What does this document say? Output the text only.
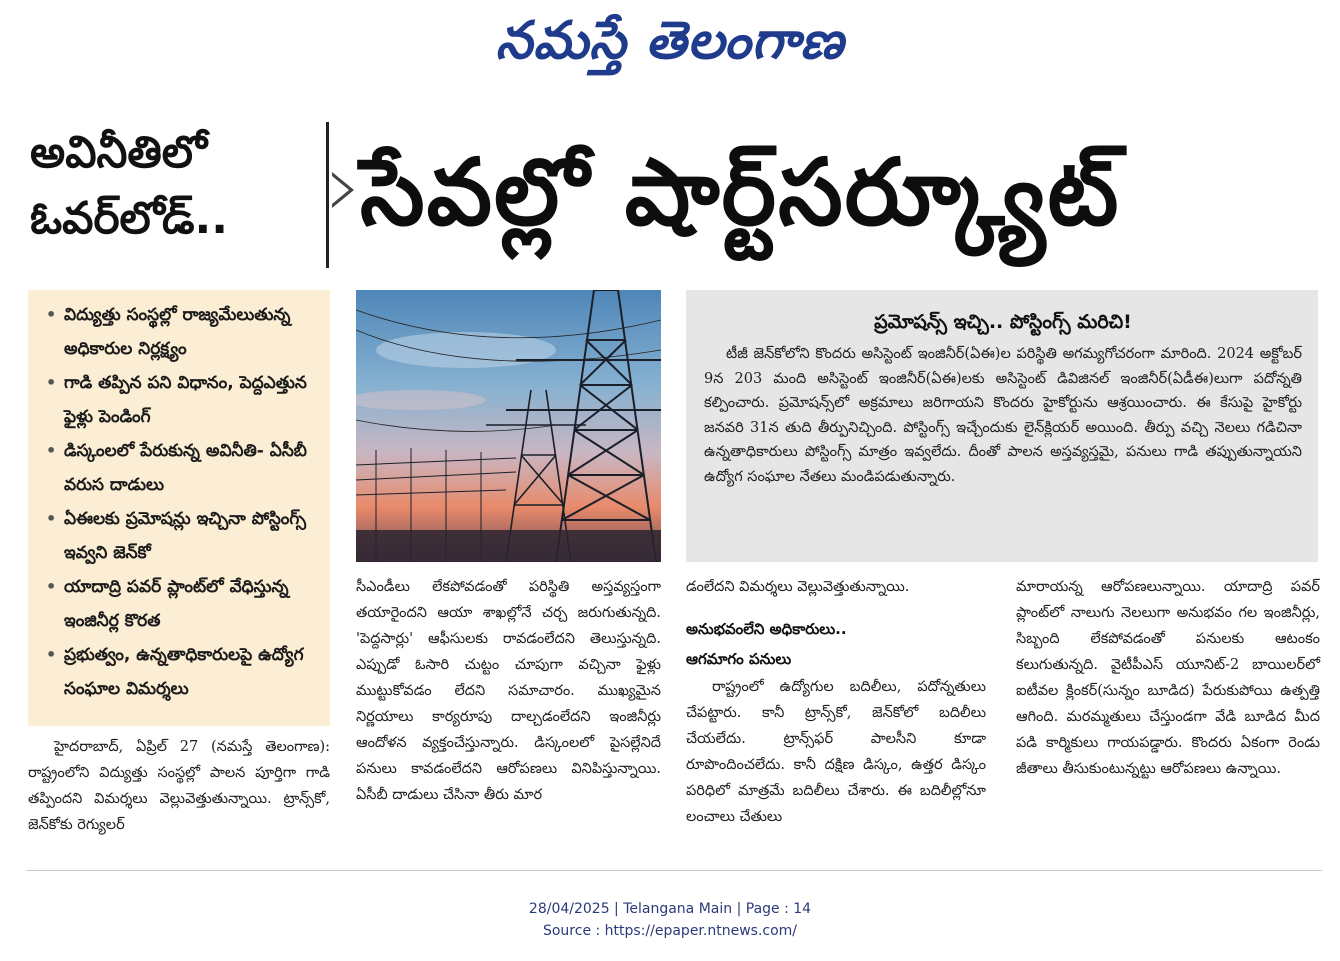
నమస్తే తెలంగాణ
అవినీతిలో
ఓవర్‌లోడ్‌..	సేవల్లో షార్ట్‌సర్క్యూట్‌
• విద్యుత్తు సంస్థల్లో రాజ్యమేలుతున్న అధికారుల నిర్లక్ష్యం
• గాడి తప్పిన పని విధానం, పెద్దఎత్తున ఫైళ్లు పెండింగ్‌
• డిస్కంలలో పేరుకున్న అవినీతి- ఏసీబీ వరుస దాడులు
• ఏఈలకు ప్రమోషన్లు ఇచ్చినా పోస్టింగ్స్‌ ఇవ్వని జెన్‌కో
• యాదాద్రి పవర్‌ ప్లాంట్‌లో వేధిస్తున్న ఇంజినీర్ల కొరత
• ప్రభుత్వం, ఉన్నతాధికారులపై ఉద్యోగ సంఘాల విమర్శలు
ప్రమోషన్స్‌ ఇచ్చి.. పోస్టింగ్స్‌ మరిచి!
టీజీ జెన్‌కోలోని కొందరు అసిస్టెంట్‌ ఇంజినీర్‌(ఏఈ)ల పరిస్థితి అగమ్యగోచరంగా మారింది. 2024 అక్టోబర్‌ 9న 203 మంది అసిస్టెంట్‌ ఇంజినీర్‌(ఏఈ)లకు అసిస్టెంట్‌ డివిజినల్‌ ఇంజినీర్‌(ఏడీఈ)లుగా పదోన్నతి కల్పించారు. ప్రమోషన్స్‌లో అక్రమాలు జరిగాయని కొందరు హైకోర్టును ఆశ్రయించారు. ఈ కేసుపై హైకోర్టు జనవరి 31న తుది తీర్పునిచ్చింది. పోస్టింగ్స్‌ ఇచ్చేందుకు లైన్‌క్లియర్‌ అయింది. తీర్పు వచ్చి నెలలు గడిచినా ఉన్నతాధికారులు పోస్టింగ్స్‌ మాత్రం ఇవ్వలేదు. దీంతో పాలన అస్తవ్యస్తమై, పనులు గాడి తప్పుతున్నాయని ఉద్యోగ సంఘాల నేతలు మండిపడుతున్నారు.

హైదరాబాద్‌, ఏప్రిల్‌ 27 (నమస్తే తెలంగాణ): రాష్ట్రంలోని విద్యుత్తు సంస్థల్లో పాలన పూర్తిగా గాడి తప్పిందని విమర్శలు వెల్లువెత్తుతున్నాయి. ట్రాన్స్‌కో, జెన్‌కోకు రెగ్యులర్‌

సీఎండీలు లేకపోవడంతో పరిస్థితి అస్తవ్యస్తంగా తయారైందని ఆయా శాఖల్లోనే చర్చ జరుగుతున్నది. 'పెద్దసార్లు' ఆఫీసులకు రావడంలేదని తెలుస్తున్నది. ఎప్పుడో ఓసారి చుట్టం చూపుగా వచ్చినా ఫైళ్లు ముట్టుకోవడం లేదని సమాచారం. ముఖ్యమైన నిర్ణయాలు కార్యరూపు దాల్చడంలేదని ఇంజినీర్లు ఆందోళన వ్యక్తంచేస్తున్నారు. డిస్కంలలో పైసల్లేనిదే పనులు కావడంలేదని ఆరోపణలు వినిపిస్తున్నాయి. ఏసీబీ దాడులు చేసినా తీరు మార

డంలేదని విమర్శలు వెల్లువెత్తుతున్నాయి.

అనుభవంలేని అధికారులు..
ఆగమాగం పనులు

రాష్ట్రంలో ఉద్యోగుల బదిలీలు, పదోన్నతులు చేపట్టారు. కానీ ట్రాన్స్‌కో, జెన్‌కోలో బదిలీలు చేయలేదు. ట్రాన్స్‌ఫర్‌ పాలసీని కూడా రూపొందించలేదు. కానీ దక్షిణ డిస్కం, ఉత్తర డిస్కం పరిధిలో మాత్రమే బదిలీలు చేశారు. ఈ బదిలీల్లోనూ లంచాలు చేతులు

మారాయన్న ఆరోపణలున్నాయి. యాదాద్రి పవర్‌ ప్లాంట్‌లో నాలుగు నెలలుగా అనుభవం గల ఇంజినీర్లు, సిబ్బంది లేకపోవడంతో పనులకు ఆటంకం కలుగుతున్నది. వైటీపీఎస్‌ యూనిట్‌-2 బాయిలర్‌లో ఐటీవల క్లింకర్‌(సున్నం బూడిద) పేరుకుపోయి ఉత్పత్తి ఆగింది. మరమ్మతులు చేస్తుండగా వేడి బూడిద మీద పడి కార్మికులు గాయపడ్డారు. కొందరు ఏకంగా రెండు జీతాలు తీసుకుంటున్నట్టు ఆరోపణలు ఉన్నాయి.

28/04/2025 | Telangana Main | Page : 14
Source : https://epaper.ntnews.com/
